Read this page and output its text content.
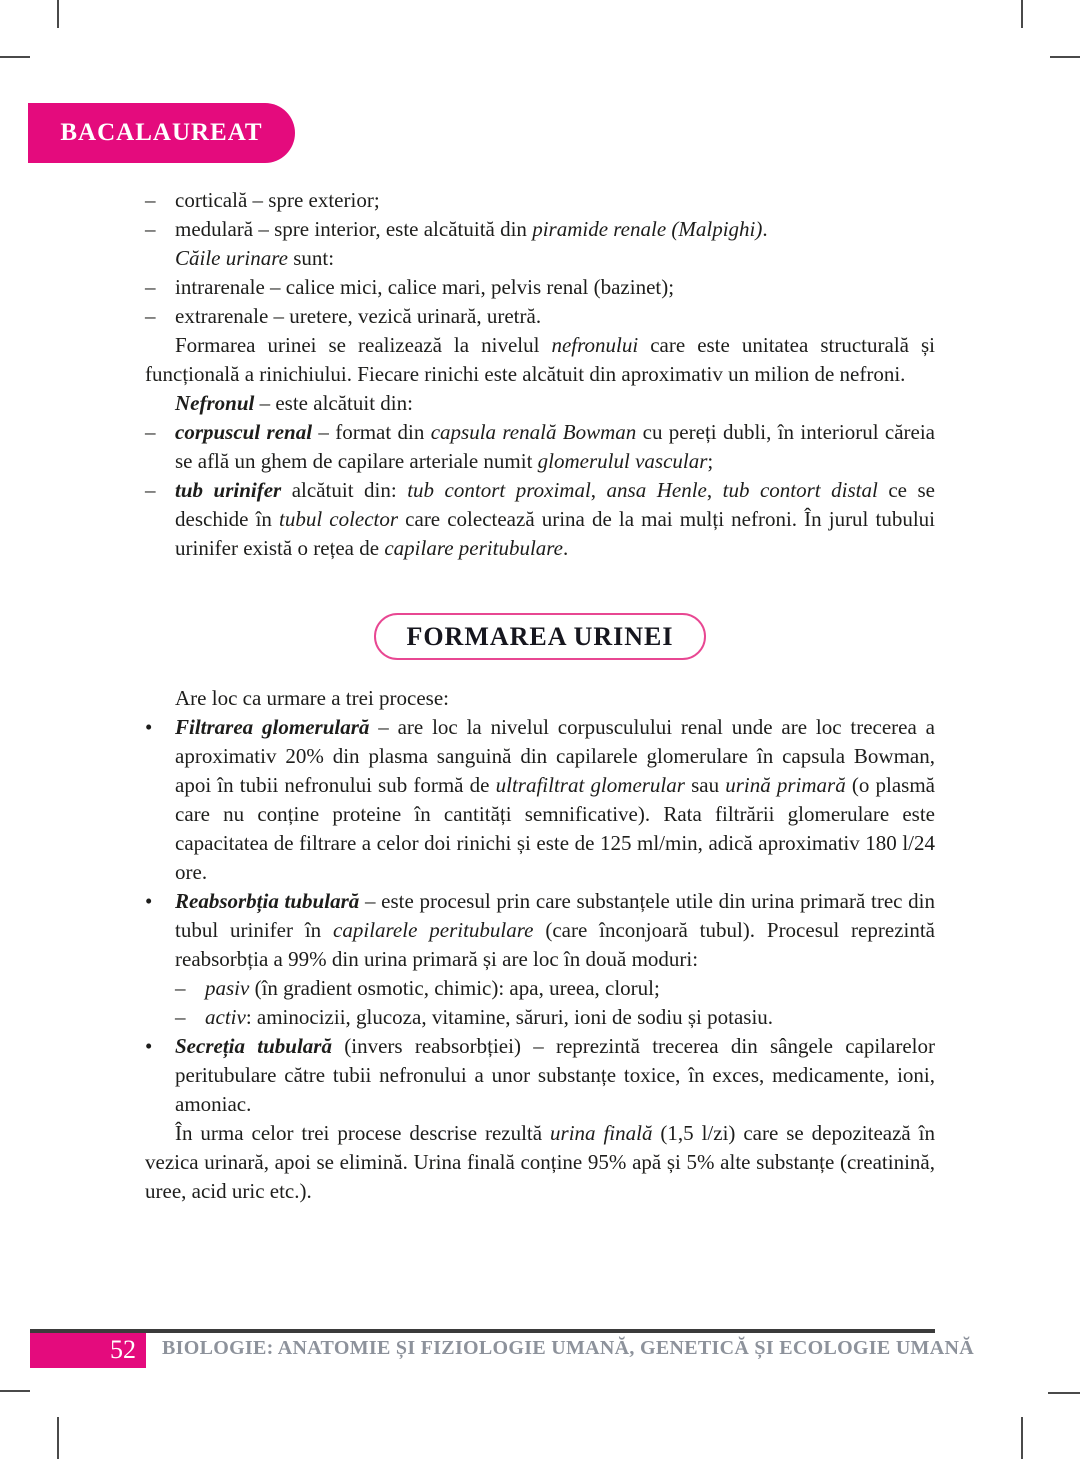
BACALAUREAT
– corticală – spre exterior;
– medulară – spre interior, este alcătuită din piramide renale (Malpighi).
Căile urinare sunt:
– intrarenale – calice mici, calice mari, pelvis renal (bazinet);
– extrarenale – uretere, vezică urinară, uretră.
Formarea urinei se realizează la nivelul nefronului care este unitatea structurală și funcțională a rinichiului. Fiecare rinichi este alcătuit din aproximativ un milion de nefroni.
Nefronul – este alcătuit din:
– corpuscul renal – format din capsula renală Bowman cu pereți dubli, în interiorul căreia se află un ghem de capilare arteriale numit glomerulul vascular;
– tub urinifer alcătuit din: tub contort proximal, ansa Henle, tub contort distal ce se deschide în tubul colector care colectează urina de la mai mulți nefroni. În jurul tubului urinifer există o rețea de capilare peritubulare.
FORMAREA URINEI
Are loc ca urmare a trei procese:
• Filtrarea glomerulară – are loc la nivelul corpusculului renal unde are loc trecerea a aproximativ 20% din plasma sanguină din capilarele glomerulare în capsula Bowman, apoi în tubii nefronului sub formă de ultrafiltrat glomerular sau urină primară (o plasmă care nu conține proteine în cantități semnificative). Rata filtrării glomerulare este capacitatea de filtrare a celor doi rinichi și este de 125 ml/min, adică aproximativ 180 l/24 ore.
• Reabsorbția tubulară – este procesul prin care substanțele utile din urina primară trec din tubul urinifer în capilarele peritubulare (care înconjoară tubul). Procesul reprezintă reabsorbția a 99% din urina primară și are loc în două moduri:
– pasiv (în gradient osmotic, chimic): apa, ureea, clorul;
– activ: aminocizii, glucoza, vitamine, săruri, ioni de sodiu și potasiu.
• Secreția tubulară (invers reabsorbției) – reprezintă trecerea din sângele capilarelor peritubulare către tubii nefronului a unor substanțe toxice, în exces, medicamente, ioni, amoniac.
În urma celor trei procese descrise rezultă urina finală (1,5 l/zi) care se depozitează în vezica urinară, apoi se elimină. Urina finală conține 95% apă și 5% alte substanțe (creatinină, uree, acid uric etc.).
52	BIOLOGIE: ANATOMIE ȘI FIZIOLOGIE UMANĂ, GENETICĂ ȘI ECOLOGIE UMANĂ
